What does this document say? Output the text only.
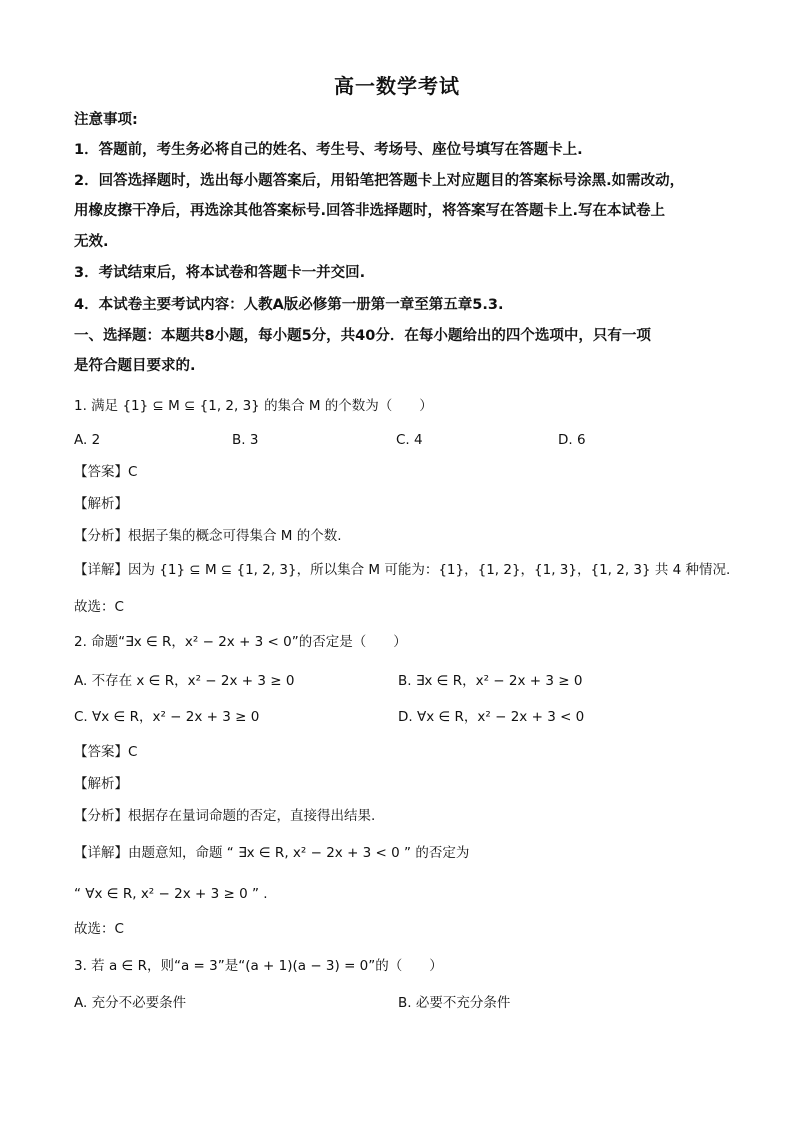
高一数学考试
注意事项:
1．答题前，考生务必将自己的姓名、考生号、考场号、座位号填写在答题卡上.
2．回答选择题时，选出每小题答案后，用铅笔把答题卡上对应题目的答案标号涂黑.如需改动，
用橡皮擦干净后，再选涂其他答案标号.回答非选择题时，将答案写在答题卡上.写在本试卷上
无效.
3．考试结束后，将本试卷和答题卡一并交回.
4．本试卷主要考试内容：人教A版必修第一册第一章至第五章5.3.
一、选择题：本题共8小题，每小题5分，共40分．在每小题给出的四个选项中，只有一项
是符合题目要求的.
1. 满足 {1} ⊆ M ⊆ {1, 2, 3} 的集合 M 的个数为（　　）
A. 2	B. 3	C. 4	D. 6
【答案】C
【解析】
【分析】根据子集的概念可得集合 M 的个数.
【详解】因为 {1} ⊆ M ⊆ {1, 2, 3}，所以集合 M 可能为：{1}，{1, 2}，{1, 3}，{1, 2, 3} 共 4 种情况.
故选：C
2. 命题“∃x ∈ R，x² − 2x + 3 < 0”的否定是（　　）
A. 不存在 x ∈ R，x² − 2x + 3 ≥ 0	B. ∃x ∈ R，x² − 2x + 3 ≥ 0
C. ∀x ∈ R，x² − 2x + 3 ≥ 0	D. ∀x ∈ R，x² − 2x + 3 < 0
【答案】C
【解析】
【分析】根据存在量词命题的否定，直接得出结果.
【详解】由题意知，命题 “ ∃x ∈ R, x² − 2x + 3 < 0 ” 的否定为
“ ∀x ∈ R, x² − 2x + 3 ≥ 0 ” .
故选：C
3. 若 a ∈ R，则“a = 3”是“(a + 1)(a − 3) = 0”的（　　）
A. 充分不必要条件	B. 必要不充分条件
